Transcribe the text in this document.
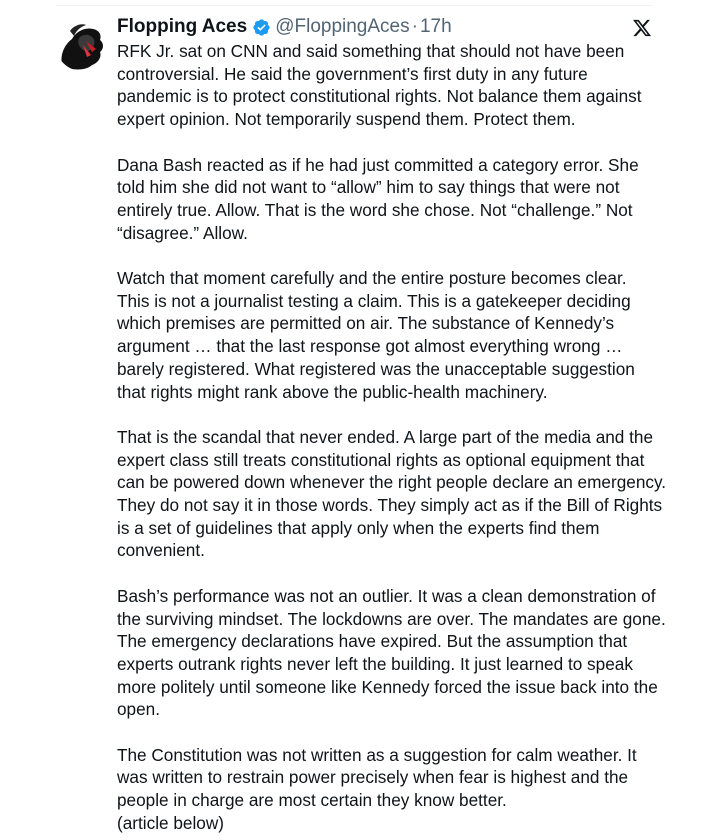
Flopping Aces @FloppingAces · 17h
RFK Jr. sat on CNN and said something that should not have been
controversial. He said the government’s first duty in any future
pandemic is to protect constitutional rights. Not balance them against
expert opinion. Not temporarily suspend them. Protect them.
Dana Bash reacted as if he had just committed a category error. She
told him she did not want to “allow” him to say things that were not
entirely true. Allow. That is the word she chose. Not “challenge.” Not
“disagree.” Allow.
Watch that moment carefully and the entire posture becomes clear.
This is not a journalist testing a claim. This is a gatekeeper deciding
which premises are permitted on air. The substance of Kennedy’s
argument … that the last response got almost everything wrong …
barely registered. What registered was the unacceptable suggestion
that rights might rank above the public-health machinery.
That is the scandal that never ended. A large part of the media and the
expert class still treats constitutional rights as optional equipment that
can be powered down whenever the right people declare an emergency.
They do not say it in those words. They simply act as if the Bill of Rights
is a set of guidelines that apply only when the experts find them
convenient.
Bash’s performance was not an outlier. It was a clean demonstration of
the surviving mindset. The lockdowns are over. The mandates are gone.
The emergency declarations have expired. But the assumption that
experts outrank rights never left the building. It just learned to speak
more politely until someone like Kennedy forced the issue back into the
open.
The Constitution was not written as a suggestion for calm weather. It
was written to restrain power precisely when fear is highest and the
people in charge are most certain they know better.
(article below)
